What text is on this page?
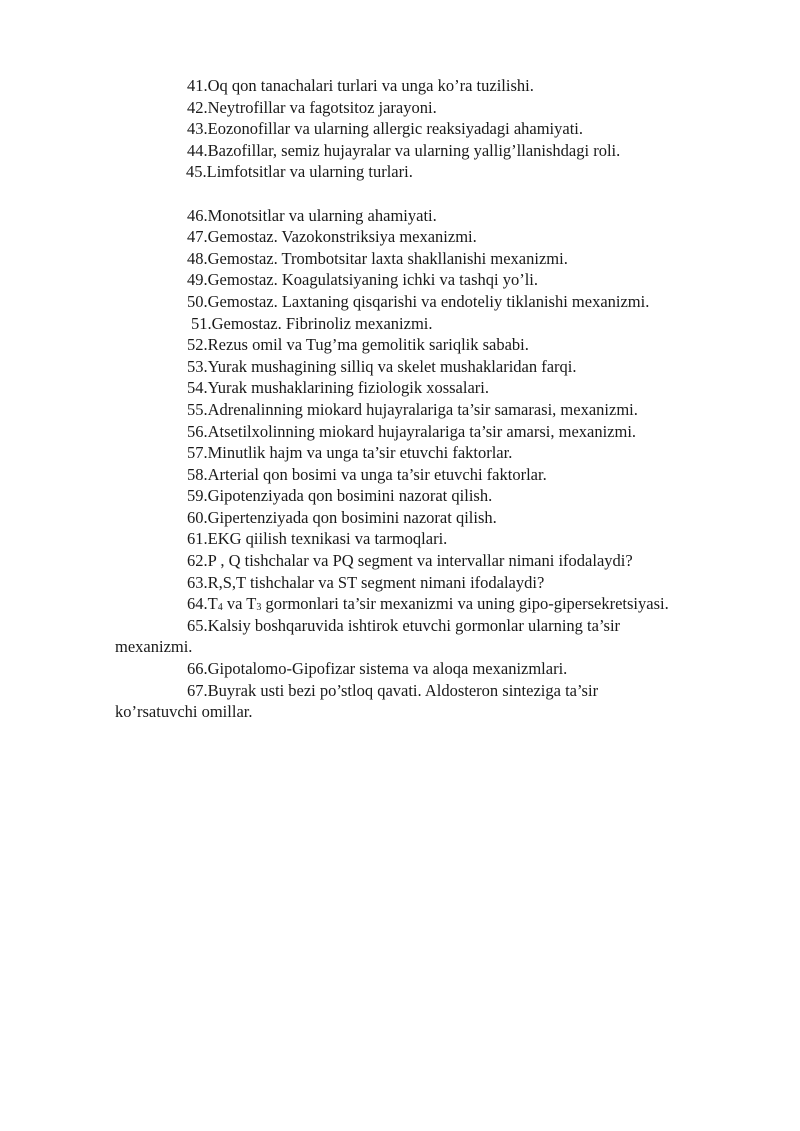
41.Oq qon tanachalari turlari va unga ko’ra tuzilishi.
42.Neytrofillar va fagotsitoz jarayoni.
43.Eozonofillar va ularning allergic reaksiyadagi ahamiyati.
44.Bazofillar, semiz hujayralar va ularning yallig’llanishdagi roli.
45.Limfotsitlar va ularning turlari.
46.Monotsitlar va ularning ahamiyati.
47.Gemostaz. Vazokonstriksiya mexanizmi.
48.Gemostaz. Trombotsitar laxta shakllanishi mexanizmi.
49.Gemostaz. Koagulatsiyaning ichki va tashqi yo’li.
50.Gemostaz. Laxtaning qisqarishi va endoteliy tiklanishi mexanizmi.
51.Gemostaz. Fibrinoliz mexanizmi.
52.Rezus omil va Tug’ma gemolitik sariqlik sababi.
53.Yurak mushagining silliq va skelet mushaklaridan farqi.
54.Yurak mushaklarining fiziologik xossalari.
55.Adrenalinning miokard hujayralariga ta’sir samarasi, mexanizmi.
56.Atsetilxolinning miokard hujayralariga ta’sir amarsi, mexanizmi.
57.Minutlik hajm va unga ta’sir etuvchi faktorlar.
58.Arterial qon bosimi va unga ta’sir etuvchi faktorlar.
59.Gipotenziyada qon bosimini nazorat qilish.
60.Gipertenziyada qon bosimini nazorat qilish.
61.EKG qiilish texnikasi va tarmoqlari.
62.P , Q tishchalar va PQ segment va intervallar nimani ifodalaydi?
63.R,S,T tishchalar va ST segment nimani ifodalaydi?
$64.T_4$ va $T_3$ gormonlari ta’sir mexanizmi va uning gipo-gipersekretsiyasi.
65.Kalsiy boshqaruvida ishtirok etuvchi gormonlar ularning ta’sir
mexanizmi.
66.Gipotalomo-Gipofizar sistema va aloqa mexanizmlari.
67.Buyrak usti bezi po’stloq qavati. Aldosteron sinteziga ta’sir
ko’rsatuvchi omillar.
